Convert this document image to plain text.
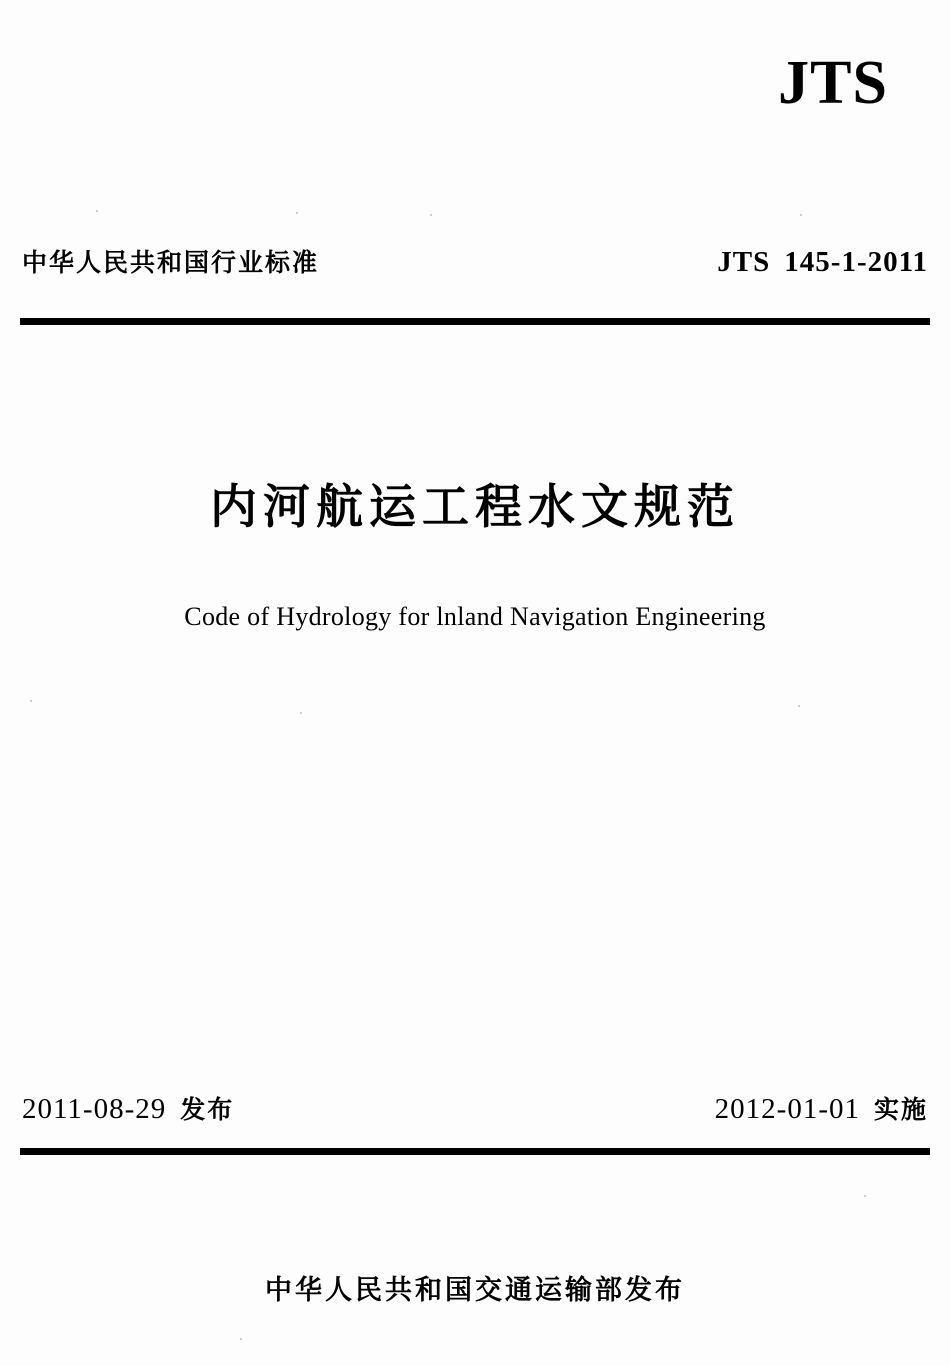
JTS
中华人民共和国行业标准	JTS 145-1-2011
内河航运工程水文规范
Code of Hydrology for lnland Navigation Engineering
2011-08-29 发布	2012-01-01 实施
中华人民共和国交通运输部发布
